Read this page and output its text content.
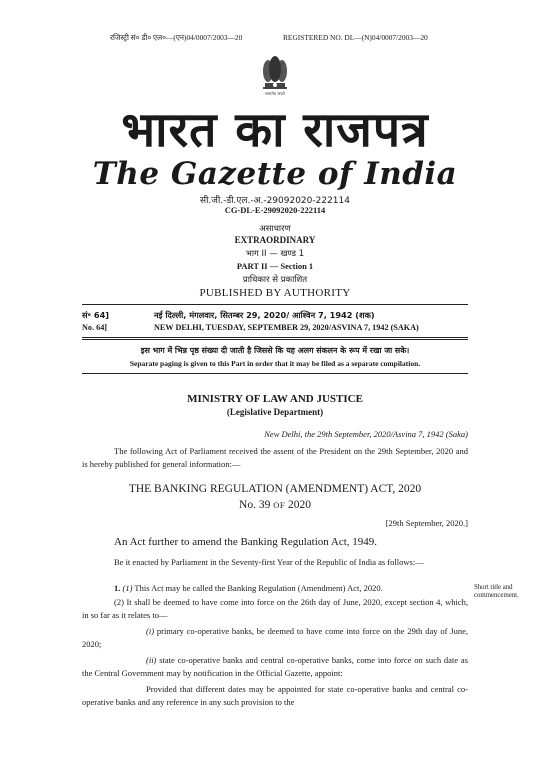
रजिस्ट्री सं० डी० एल०—(एन)04/0007/2003—20	REGISTERED NO. DL—(N)04/0007/2003—20
सत्यमेव जयते
भारत का राजपत्र
The Gazette of India
सी.जी.-डी.एल.-अ.-29092020-222114
CG-DL-E-29092020-222114
असाधारण
EXTRAORDINARY
भाग II — खण्ड 1
PART II — Section 1
प्राधिकार से प्रकाशित
PUBLISHED BY AUTHORITY
सं॰ 64]	नई दिल्ली, मंगलवार, सितम्बर 29, 2020/ आश्विन 7, 1942 (शक)
No. 64]	NEW DELHI, TUESDAY, SEPTEMBER 29, 2020/ASVINA 7, 1942 (SAKA)
इस भाग में भिन्न पृष्ठ संख्या दी जाती है जिससे कि यह अलग संकलन के रूप में रखा जा सके।
Separate paging is given to this Part in order that it may be filed as a separate compilation.
MINISTRY OF LAW AND JUSTICE
(Legislative Department)
New Delhi, the 29th September, 2020/Asvina 7, 1942 (Saka)
The following Act of Parliament received the assent of the President on the 29th September, 2020 and is hereby published for general information:—
THE BANKING REGULATION (AMENDMENT) ACT, 2020
No. 39 OF 2020
[29th September, 2020.]
An Act further to amend the Banking Regulation Act, 1949.
Be it enacted by Parliament in the Seventy-first Year of the Republic of India as follows:—
1. (1) This Act may be called the Banking Regulation (Amendment) Act, 2020.
(2) It shall be deemed to have come into force on the 26th day of June, 2020, except section 4, which, in so far as it relates to—
(i) primary co-operative banks, be deemed to have come into force on the 29th day of June, 2020;
(ii) state co-operative banks and central co-operative banks, come into force on such date as the Central Government may by notification in the Official Gazette, appoint:
Provided that different dates may be appointed for state co-operative banks and central co-operative banks and any reference in any such provision to the
Short title and commencement.
